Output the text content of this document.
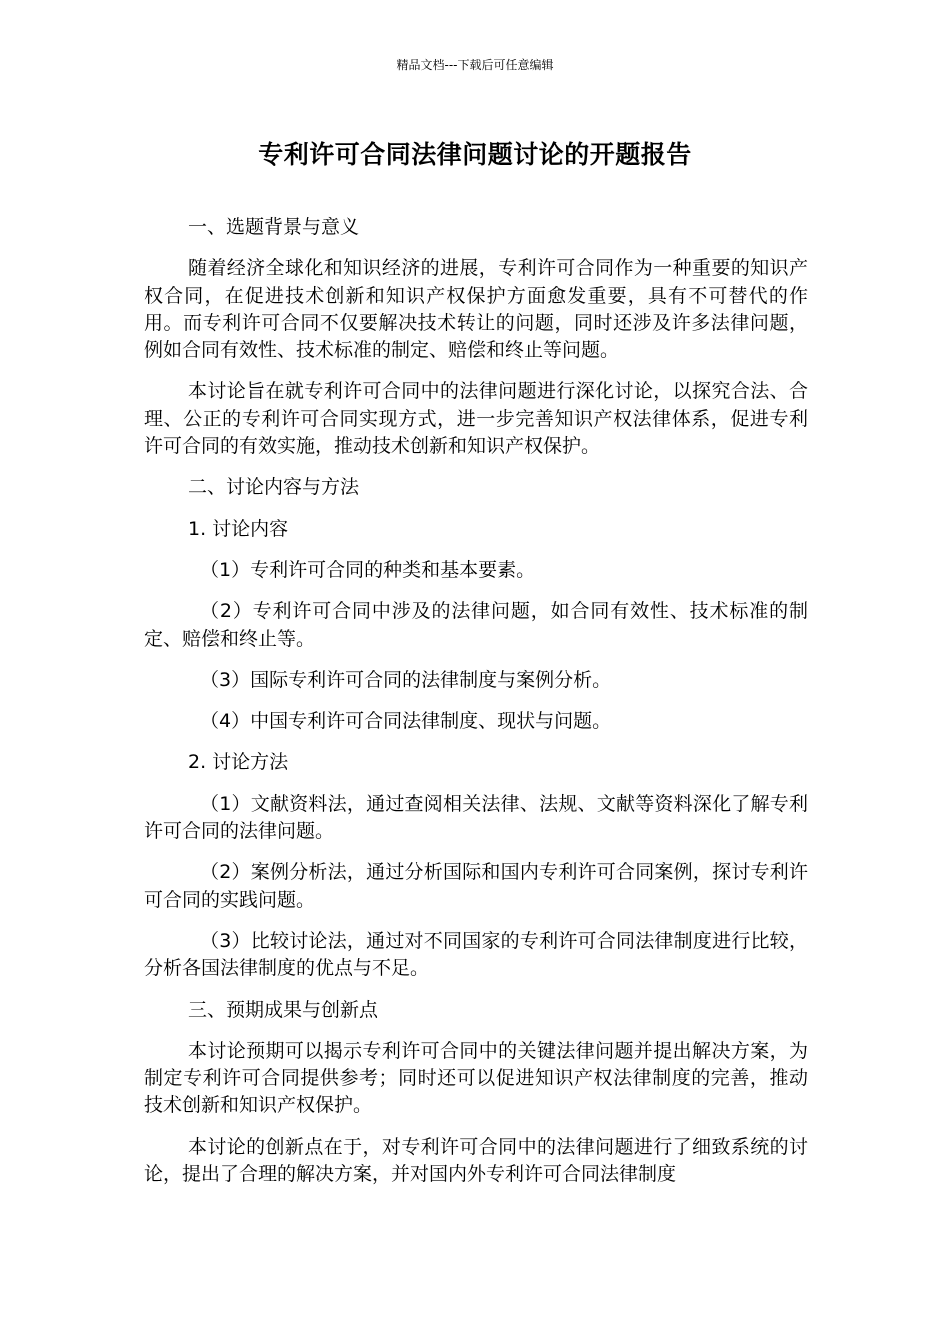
精品文档---下载后可任意编辑
专利许可合同法律问题讨论的开题报告

一、选题背景与意义

随着经济全球化和知识经济的进展，专利许可合同作为一种重要的知识产权合同，在促进技术创新和知识产权保护方面愈发重要，具有不可替代的作用。而专利许可合同不仅要解决技术转让的问题，同时还涉及许多法律问题，例如合同有效性、技术标准的制定、赔偿和终止等问题。

本讨论旨在就专利许可合同中的法律问题进行深化讨论，以探究合法、合理、公正的专利许可合同实现方式，进一步完善知识产权法律体系，促进专利许可合同的有效实施，推动技术创新和知识产权保护。

二、讨论内容与方法

1. 讨论内容

（1）专利许可合同的种类和基本要素。

（2）专利许可合同中涉及的法律问题，如合同有效性、技术标准的制定、赔偿和终止等。

（3）国际专利许可合同的法律制度与案例分析。

（4）中国专利许可合同法律制度、现状与问题。

2. 讨论方法

（1）文献资料法，通过查阅相关法律、法规、文献等资料深化了解专利许可合同的法律问题。

（2）案例分析法，通过分析国际和国内专利许可合同案例，探讨专利许可合同的实践问题。

（3）比较讨论法，通过对不同国家的专利许可合同法律制度进行比较，分析各国法律制度的优点与不足。

三、预期成果与创新点

本讨论预期可以揭示专利许可合同中的关键法律问题并提出解决方案，为制定专利许可合同提供参考；同时还可以促进知识产权法律制度的完善，推动技术创新和知识产权保护。

本讨论的创新点在于，对专利许可合同中的法律问题进行了细致系统的讨论，提出了合理的解决方案，并对国内外专利许可合同法律制度
